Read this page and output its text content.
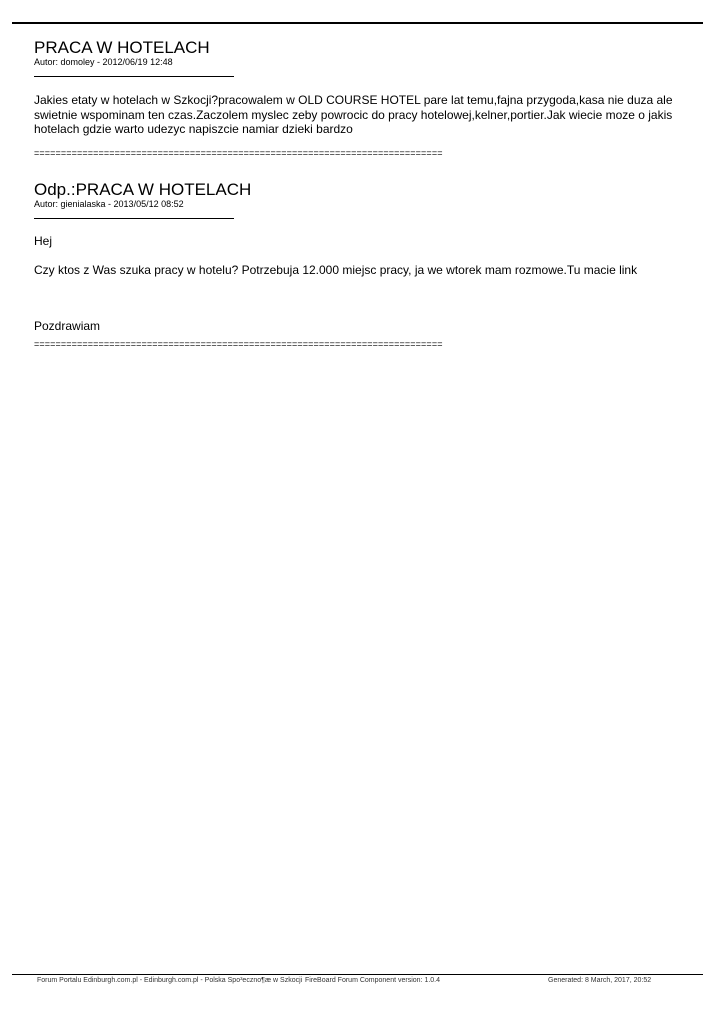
PRACA W HOTELACH
Autor: domoley - 2012/06/19 12:48

Jakies etaty w hotelach w Szkocji?pracowalem w OLD COURSE HOTEL pare lat temu,fajna przygoda,kasa nie duza ale swietnie wspominam ten czas.Zaczolem myslec zeby powrocic do pracy hotelowej,kelner,portier.Jak wiecie moze o jakis hotelach gdzie warto udezyc napiszcie namiar dzieki bardzo

============================================================================
Odp.:PRACA W HOTELACH
Autor: gienialaska - 2013/05/12 08:52

Hej

Czy ktos z Was szuka pracy w hotelu? Potrzebuja 12.000 miejsc pracy, ja we wtorek mam rozmowe.Tu macie link

Pozdrawiam

============================================================================
Forum Portalu Edinburgh.com.pl - Edinburgh.com.pl - Polska Spo³eczno¶æ w Szkocji FireBoard Forum Component version: 1.0.4	Generated: 8 March, 2017, 20:52
